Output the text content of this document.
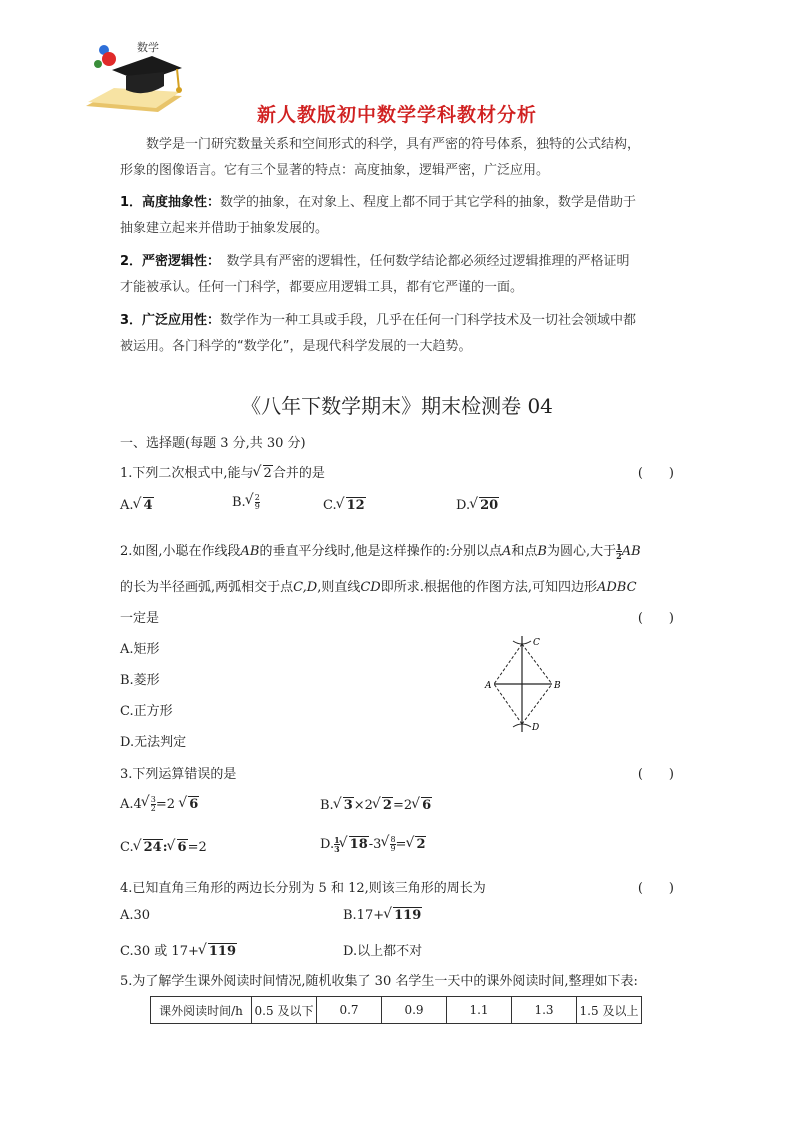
数学
新人教版初中数学学科教材分析
数学是一门研究数量关系和空间形式的科学，具有严密的符号体系，独特的公式结构，
形象的图像语言。它有三个显著的特点：高度抽象，逻辑严密，广泛应用。
1．高度抽象性：数学的抽象，在对象上、程度上都不同于其它学科的抽象，数学是借助于
抽象建立起来并借助于抽象发展的。
2．严密逻辑性：　数学具有严密的逻辑性，任何数学结论都必须经过逻辑推理的严格证明
才能被承认。任何一门科学，都要应用逻辑工具，都有它严谨的一面。
3．广泛应用性：数学作为一种工具或手段，几乎在任何一门科学技术及一切社会领域中都
被运用。各门科学的“数学化”，是现代科学发展的一大趋势。
《八年下数学期末》期末检测卷 04
一、选择题(每题 3 分,共 30 分)
1.下列二次根式中,能与 √ 2合并的是	(　　)
A. √ 4	B. √ $\frac{2}{9}$	C. √ 12	D. √ 20
2.如图,小聪在作线段AB的垂直平分线时,他是这样操作的:分别以点A和点B为圆心,大于 $\frac{1}{2}$ AB
的长为半径画弧,两弧相交于点C,D,则直线CD即所求.根据他的作图方法,可知四边形ADBC
一定是	(　　)
A.矩形
B.菱形
C.正方形
D.无法判定
C
A	B
D
3.下列运算错误的是	(　　)
A.4 √ $\frac{3}{2} =2$ √ 6	B. √ 3×2 √ 2=2 √ 6
C. √ 24: √ 6=2	D. $\frac{1}{3}$ √ 18-3 √ $\frac{8}{9}$ = √ 2
4.已知直角三角形的两边长分别为 5 和 12,则该三角形的周长为	(　　)
A.30	B.17+ √ 119
C.30 或 17+ √ 119	D.以上都不对
5.为了解学生课外阅读时间情况,随机收集了 30 名学生一天中的课外阅读时间,整理如下表:
课外阅读时间/h	0.5 及以下	0.7	0.9	1.1	1.3	1.5 及以上
